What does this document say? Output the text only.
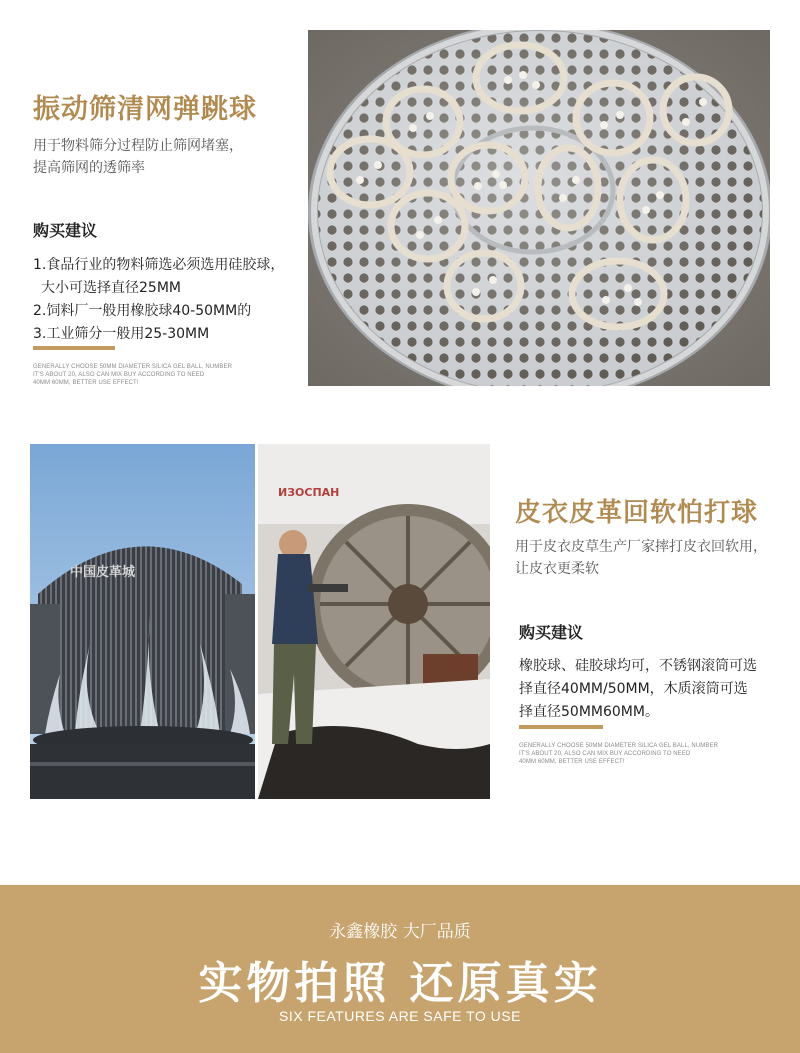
振动筛清网弹跳球
用于物料筛分过程防止筛网堵塞，
提高筛网的透筛率
购买建议
1.食品行业的物料筛选必须选用硅胶球，
大小可选择直径25MM
2.饲料厂一般用橡胶球40-50MM的
3.工业筛分一般用25-30MM
GENERALLY CHOOSE 50MM DIAMETER SILICA GEL BALL, NUMBER
IT'S ABOUT 20, ALSO CAN MIX BUY ACCORDING TO NEED
40MM 60MM, BETTER USE EFFECT!
中国皮革城
ИЗОСПАН
皮衣皮革回软怕打球
用于皮衣皮草生产厂家摔打皮衣回软用，
让皮衣更柔软
购买建议
橡胶球、硅胶球均可，不锈钢滚筒可选
择直径40MM/50MM，木质滚筒可选
择直径50MM60MM。
GENERALLY CHOOSE 50MM DIAMETER SILICA GEL BALL, NUMBER
IT'S ABOUT 20, ALSO CAN MIX BUY ACCORDING TO NEED
40MM 60MM, BETTER USE EFFECT!
永鑫橡胶 大厂品质
实物拍照 还原真实
SIX FEATURES ARE SAFE TO USE
